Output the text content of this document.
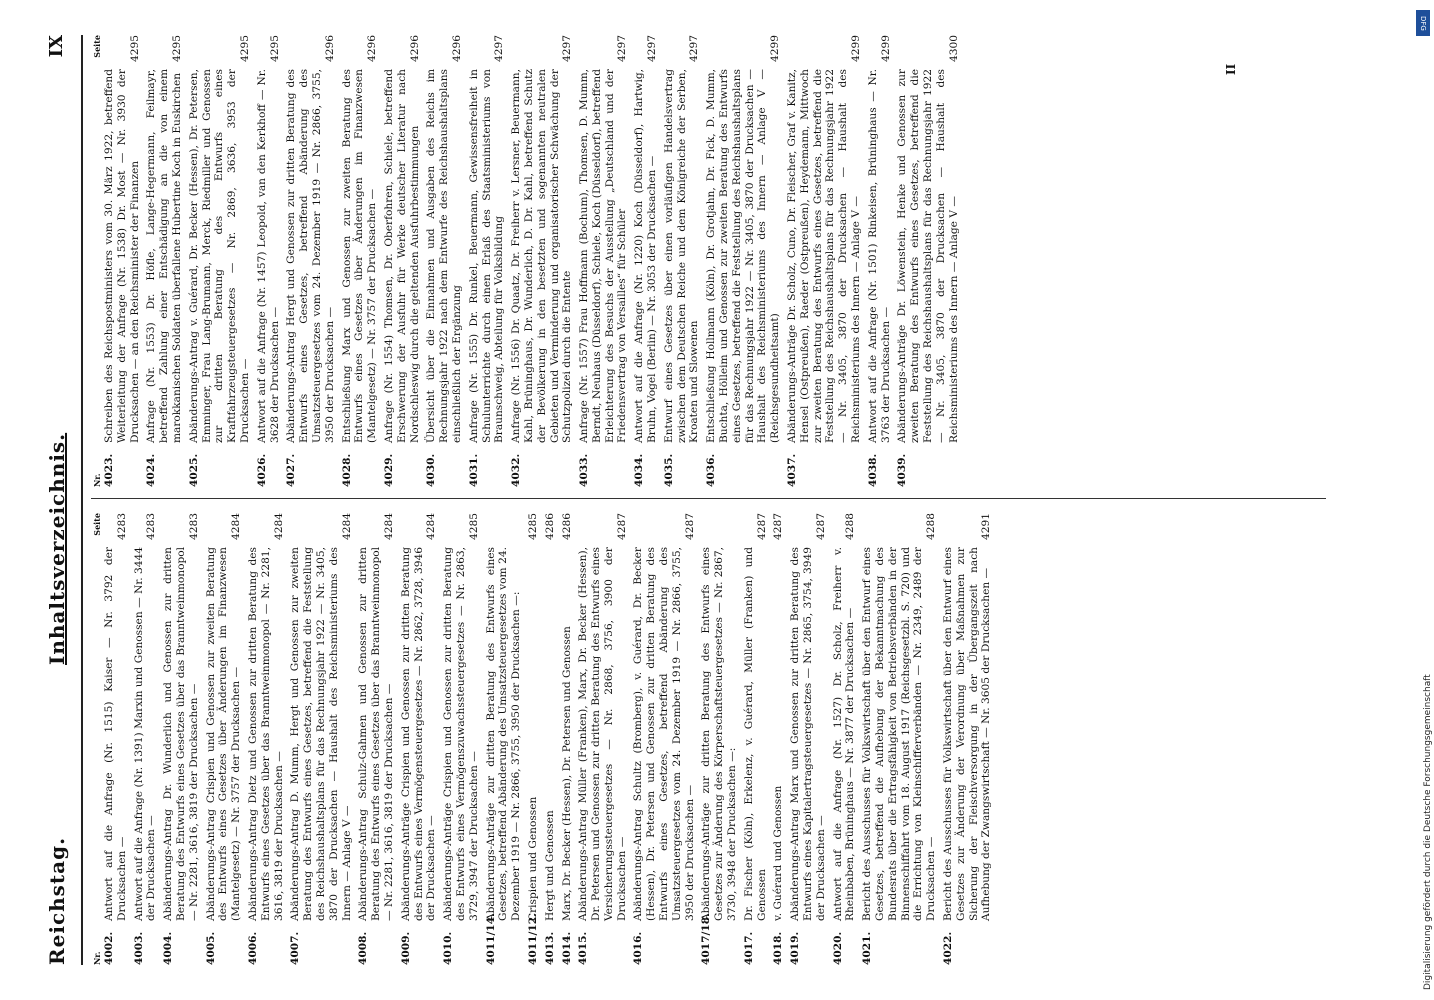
Reichstag.
Inhaltsverzeichnis.
IX
Nr.
Seite
4002.
Antwort auf die Anfrage (Nr. 1515) Kaiser — Nr. 3792 der Drucksachen —
4283
4003.
Antwort auf die Anfrage (Nr. 1391) Marxin und Genossen — Nr. 3444 der Drucksachen —
4283
4004.
Abänderungs-Antrag Dr. Wunderlich und Genossen zur dritten Beratung des Entwurfs eines Gesetzes über das Branntweinmonopol — Nr. 2281, 3616, 3819 der Drucksachen —
4283
4005.
Abänderungs-Antrag Crispien und Genossen zur zweiten Beratung des Entwurfs eines Gesetzes über Änderungen im Finanzwesen (Mantelgesetz) — Nr. 3757 der Drucksachen —
4284
4006.
Abänderungs-Antrag Dietz und Genossen zur dritten Beratung des Entwurfs eines Gesetzes über das Branntweinmonopol — Nr. 2281, 3616, 3819 der Drucksachen —
4284
4007.
Abänderungs-Antrag D. Mumm, Hergt und Genossen zur zweiten Beratung des Entwurfs eines Gesetzes, betreffend die Feststellung des Reichshaushaltsplans für das Rechnungsjahr 1922 — Nr. 3405, 3870 der Drucksachen — Haushalt des Reichsministeriums des Innern — Anlage V —
4284
4008.
Abänderungs-Antrag Schulz-Gahmen und Genossen zur dritten Beratung des Entwurfs eines Gesetzes über das Branntweinmonopol — Nr. 2281, 3616, 3819 der Drucksachen —
4284
4009.
Abänderungs-Anträge Crispien und Genossen zur dritten Beratung des Entwurfs eines Vermögensteuergesetzes — Nr. 2862, 3728, 3946 der Drucksachen —
4284
4010.
Abänderungs-Anträge Crispien und Genossen zur dritten Beratung des Entwurfs eines Vermögenszuwachssteuergesetzes — Nr. 2863, 3729, 3947 der Drucksachen —
4285
4011/14.
Abänderungs-Anträge zur dritten Beratung des Entwurfs eines Gesetzes, betreffend Abänderung des Umsatzsteuergesetzes vom 24. Dezember 1919 — Nr. 2866, 3755, 3950 der Drucksachen —:
4011/12.
Crispien und Genossen
4285
4013.
Hergt und Genossen
4286
4014.
Marx, Dr. Becker (Hessen), Dr. Petersen und Genossen
4286
4015.
Abänderungs-Antrag Müller (Franken), Marx, Dr. Becker (Hessen), Dr. Petersen und Genossen zur dritten Beratung des Entwurfs eines Versicherungssteuergesetzes — Nr. 2868, 3756, 3900 der Drucksachen —
4287
4016.
Abänderungs-Antrag Schultz (Bromberg), v. Guérard, Dr. Becker (Hessen), Dr. Petersen und Genossen zur dritten Beratung des Entwurfs eines Gesetzes, betreffend Abänderung des Umsatzsteuergesetzes vom 24. Dezember 1919 — Nr. 2866, 3755, 3950 der Drucksachen —
4287
4017/18.
Abänderungs-Anträge zur dritten Beratung des Entwurfs eines Gesetzes zur Änderung des Körperschaftsteuergesetzes — Nr. 2867, 3730, 3948 der Drucksachen —:
4017.
Dr. Fischer (Köln), Erkelenz, v. Guérard, Müller (Franken) und Genossen
4287
4018.
v. Guérard und Genossen
4287
4019.
Abänderungs-Antrag Marx und Genossen zur dritten Beratung des Entwurfs eines Kapitalertragsteuergesetzes — Nr. 2865, 3754, 3949 der Drucksachen —
4287
4020.
Antwort auf die Anfrage (Nr. 1527) Dr. Scholz, Freiherr v. Rheinbaben, Brüninghaus — Nr. 3877 der Drucksachen —
4288
4021.
Bericht des Ausschusses für Volkswirtschaft über den Entwurf eines Gesetzes, betreffend die Aufhebung der Bekanntmachung des Bundesrats über die Ertragsfähigkeit von Betriebsverbänden in der Binnenschiffahrt vom 18. August 1917 (Reichsgesetzbl. S. 720) und die Errichtung von Kleinschifferverbänden — Nr. 2349, 2489 der Drucksachen —
4288
4022.
Bericht des Ausschusses für Volkswirtschaft über den Entwurf eines Gesetzes zur Änderung der Verordnung über Maßnahmen zur Sicherung der Fleischversorgung in der Übergangszeit nach Aufhebung der Zwangswirtschaft — Nr. 3605 der Drucksachen —
4291
Nr.
Seite
4023.
Schreiben des Reichspostministers vom 30. März 1922, betreffend Weiterleitung der Anfrage (Nr. 1538) Dr. Most — Nr. 3930 der Drucksachen — an den Reichsminister der Finanzen
4295
4024.
Anfrage (Nr. 1553) Dr. Höfle, Lange-Hegermann, Feilmayr, betreffend Zahlung einer Entschädigung an die von einem marokkanischen Soldaten überfallene Hubertine Koch in Euskirchen
4295
4025.
Abänderungs-Antrag v. Guérard, Dr. Becker (Hessen), Dr. Petersen, Emminger, Frau Lang-Brumann, Merck, Riedmiller und Genossen zur dritten Beratung des Entwurfs eines Kraftfahrzeugsteuergesetzes — Nr. 2869, 3636, 3953 der Drucksachen —
4295
4026.
Antwort auf die Anfrage (Nr. 1457) Leopold, van den Kerkhoff — Nr. 3628 der Drucksachen —
4295
4027.
Abänderungs-Antrag Hergt und Genossen zur dritten Beratung des Entwurfs eines Gesetzes, betreffend Abänderung des Umsatzsteuergesetzes vom 24. Dezember 1919 — Nr. 2866, 3755, 3950 der Drucksachen —
4296
4028.
Entschließung Marx und Genossen zur zweiten Beratung des Entwurfs eines Gesetzes über Änderungen im Finanzwesen (Mantelgesetz) — Nr. 3757 der Drucksachen —
4296
4029.
Anfrage (Nr. 1554) Thomsen, Dr. Oberfohren, Schiele, betreffend Erschwerung der Ausfuhr für Werke deutscher Literatur nach Nordschleswig durch die geltenden Ausfuhrbestimmungen
4296
4030.
Übersicht über die Einnahmen und Ausgaben des Reichs im Rechnungsjahr 1922 nach dem Entwurfe des Reichshaushaltsplans einschließlich der Ergänzung
4296
4031.
Anfrage (Nr. 1555) Dr. Runkel, Beuermann, Gewissensfreiheit in Schulunterrichte durch einen Erlaß des Staatsministeriums von Braunschweig, Abteilung für Volksbildung
4297
4032.
Anfrage (Nr. 1556) Dr. Quaatz, Dr. Freiherr v. Lersner, Beuermann, Kahl, Brüninghaus, Dr. Wunderlich, D. Dr. Kahl, betreffend Schutz der Bevölkerung in den besetzten und sogenannten neutralen Gebieten und Verminderung und organisatorischer Schwächung der Schutzpolizei durch die Entente
4297
4033.
Anfrage (Nr. 1557) Frau Hoffmann (Bochum), Thomsen, D. Mumm, Berndt, Neuhaus (Düsseldorf), Schiele, Koch (Düsseldorf), betreffend Erleichterung des Besuchs der Ausstellung „Deutschland und der Friedensvertrag von Versailles“ für Schüler
4297
4034.
Antwort auf die Anfrage (Nr. 1220) Koch (Düsseldorf), Hartwig, Bruhn, Vogel (Berlin) — Nr. 3053 der Drucksachen —
4297
4035.
Entwurf eines Gesetzes über einen vorläufigen Handelsvertrag zwischen dem Deutschen Reiche und dem Königreiche der Serben, Kroaten und Slowenen
4297
4036.
Entschließung Hollmann (Köln), Dr. Grotjahn, Dr. Fick, D. Mumm, Buchta, Hölleim und Genossen zur zweiten Beratung des Entwurfs eines Gesetzes, betreffend die Feststellung des Reichshaushaltsplans für das Rechnungsjahr 1922 — Nr. 3405, 3870 der Drucksachen — Haushalt des Reichsministeriums des Innern — Anlage V — (Reichsgesundheitsamt)
4299
4037.
Abänderungs-Anträge Dr. Scholz, Cuno, Dr. Fleischer, Graf v. Kanitz, Hensel (Ostpreußen), Raeder (Ostpreußen), Heydemann, Mittwoch zur zweiten Beratung des Entwurfs eines Gesetzes, betreffend die Feststellung des Reichshaushaltsplans für das Rechnungsjahr 1922 — Nr. 3405, 3870 der Drucksachen — Haushalt des Reichsministeriums des Innern — Anlage V —
4299
4038.
Antwort auf die Anfrage (Nr. 1501) Rinkeisen, Brüninghaus — Nr. 3763 der Drucksachen —
4299
4039.
Abänderungs-Anträge Dr. Löwenstein, Henke und Genossen zur zweiten Beratung des Entwurfs eines Gesetzes, betreffend die Feststellung des Reichshaushaltsplans für das Rechnungsjahr 1922 — Nr. 3405, 3870 der Drucksachen — Haushalt des Reichsministeriums des Innern — Anlage V —
4300
II
DFG
Digitalisierung gefördert durch die Deutsche Forschungsgemeinschaft
